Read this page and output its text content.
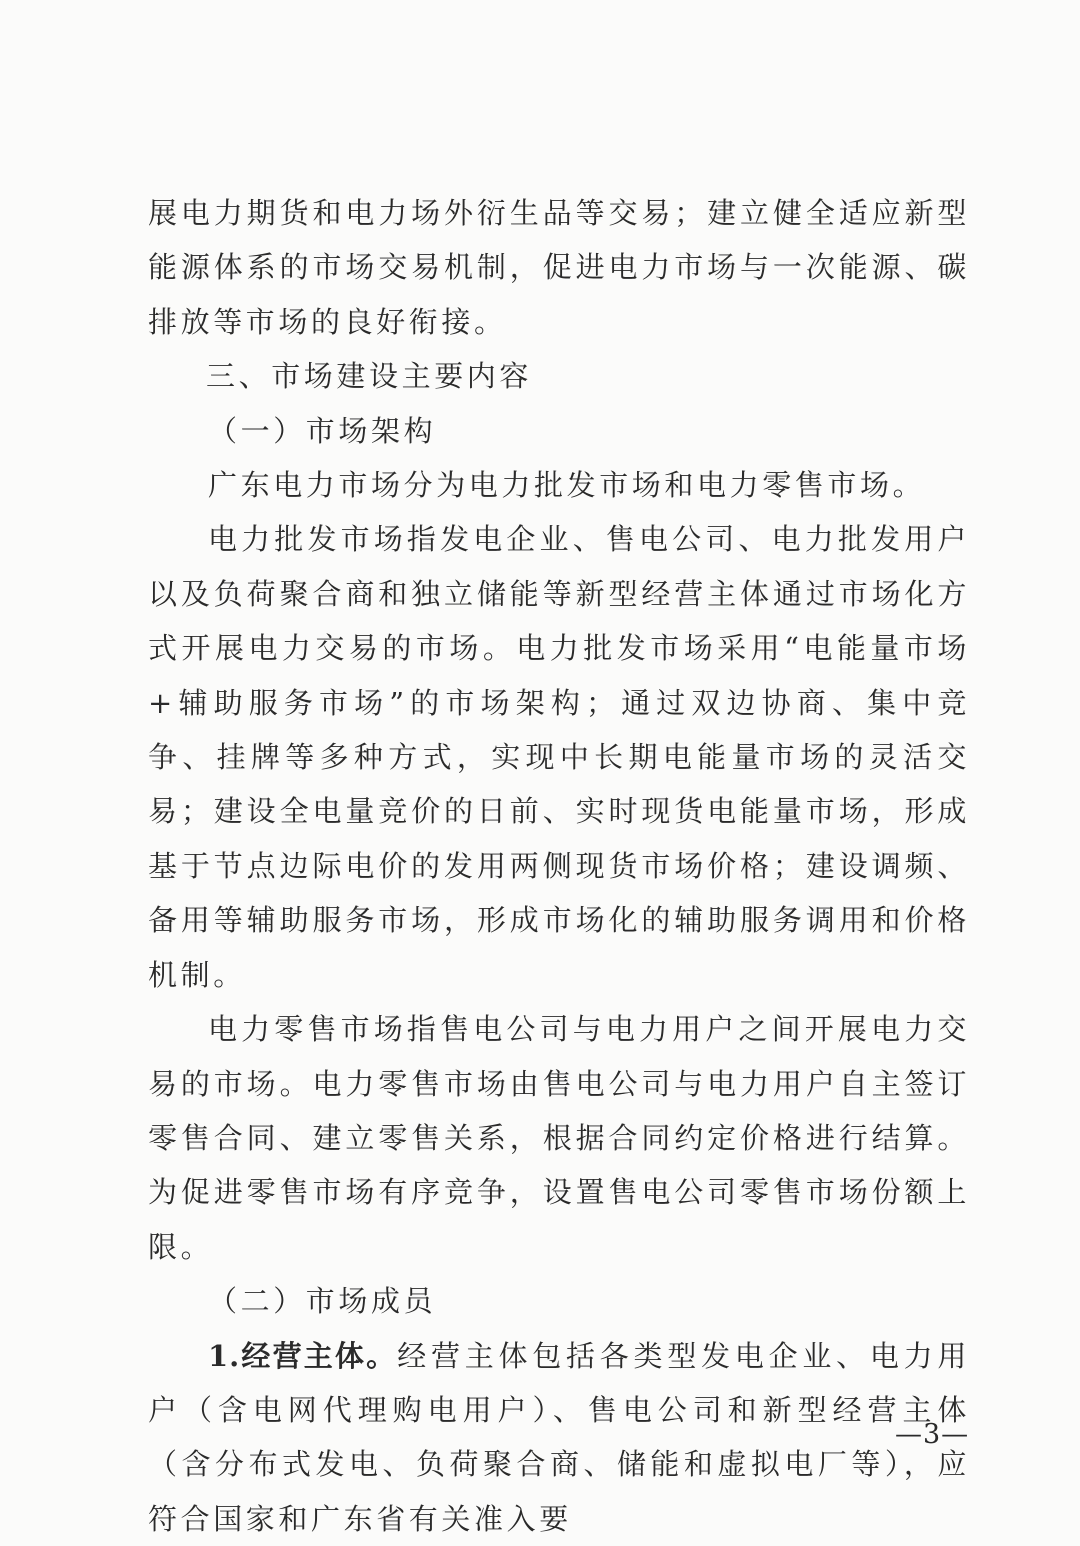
展电力期货和电力场外衍生品等交易；建立健全适应新型能源体系的市场交易机制，促进电力市场与一次能源、碳排放等市场的良好衔接。

三、市场建设主要内容
（一）市场架构

广东电力市场分为电力批发市场和电力零售市场。

电力批发市场指发电企业、售电公司、电力批发用户以及负荷聚合商和独立储能等新型经营主体通过市场化方式开展电力交易的市场。电力批发市场采用“电能量市场+辅助服务市场”的市场架构；通过双边协商、集中竞争、挂牌等多种方式，实现中长期电能量市场的灵活交易；建设全电量竞价的日前、实时现货电能量市场，形成基于节点边际电价的发用两侧现货市场价格；建设调频、备用等辅助服务市场，形成市场化的辅助服务调用和价格机制。

电力零售市场指售电公司与电力用户之间开展电力交易的市场。电力零售市场由售电公司与电力用户自主签订零售合同、建立零售关系，根据合同约定价格进行结算。为促进零售市场有序竞争，设置售电公司零售市场份额上限。

（二）市场成员

1.经营主体。经营主体包括各类型发电企业、电力用户（含电网代理购电用户）、售电公司和新型经营主体（含分布式发电、负荷聚合商、储能和虚拟电厂等），应符合国家和广东省有关准入要

—3—
